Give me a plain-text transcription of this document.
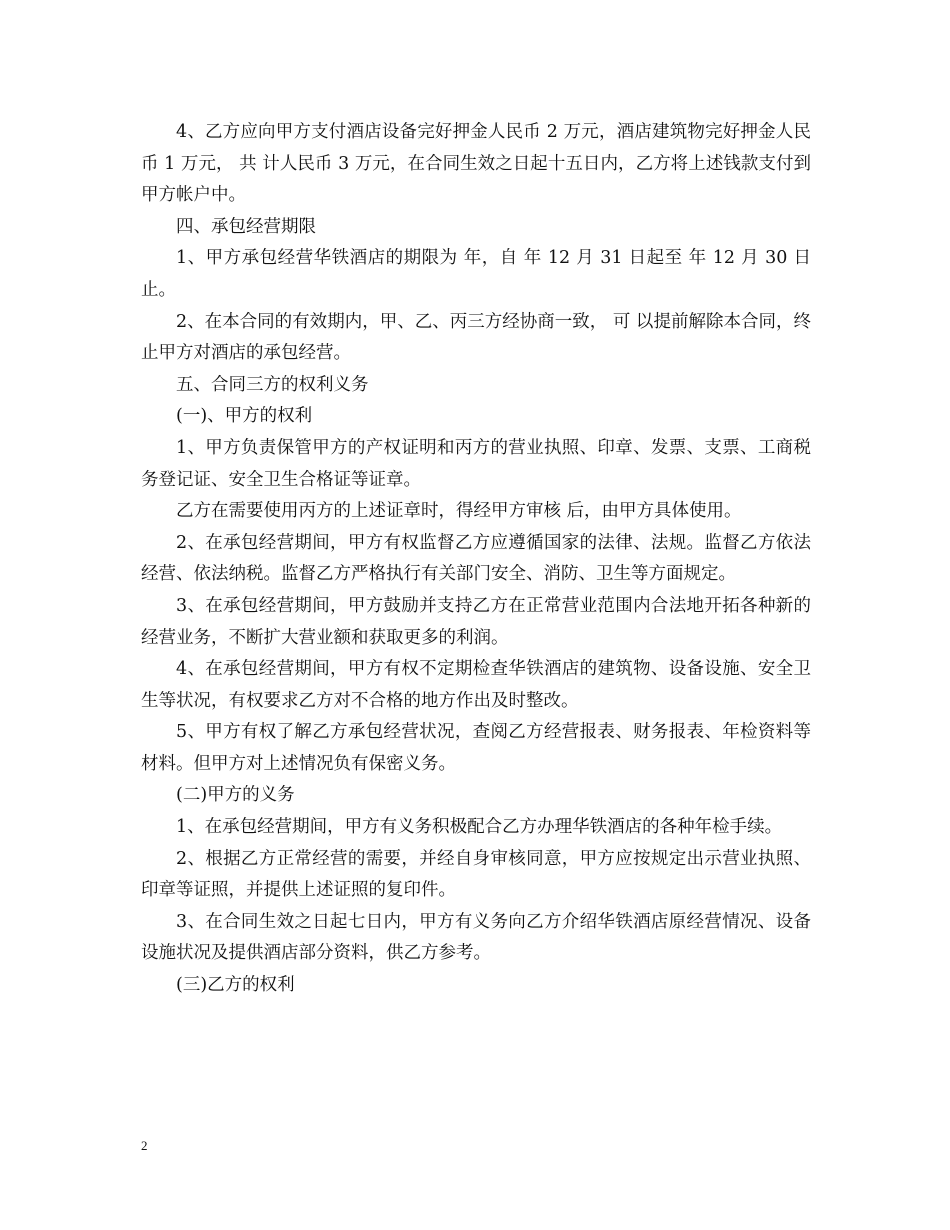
4、乙方应向甲方支付酒店设备完好押金人民币 2 万元，酒店建筑物完好押金人民币 1 万元， 共 计人民币 3 万元，在合同生效之日起十五日内，乙方将上述钱款支付到甲方帐户中。

四、承包经营期限

1、甲方承包经营华铁酒店的期限为 年，自 年 12 月 31 日起至 年 12 月 30 日止。

2、在本合同的有效期内，甲、乙、丙三方经协商一致， 可 以提前解除本合同，终止甲方对酒店的承包经营。

五、合同三方的权利义务

(一)、甲方的权利

1、甲方负责保管甲方的产权证明和丙方的营业执照、印章、发票、支票、工商税务登记证、安全卫生合格证等证章。

乙方在需要使用丙方的上述证章时，得经甲方审核 后，由甲方具体使用。

2、在承包经营期间，甲方有权监督乙方应遵循国家的法律、法规。监督乙方依法经营、依法纳税。监督乙方严格执行有关部门安全、消防、卫生等方面规定。

3、在承包经营期间，甲方鼓励并支持乙方在正常营业范围内合法地开拓各种新的经营业务，不断扩大营业额和获取更多的利润。

4、在承包经营期间，甲方有权不定期检查华铁酒店的建筑物、设备设施、安全卫生等状况，有权要求乙方对不合格的地方作出及时整改。

5、甲方有权了解乙方承包经营状况，查阅乙方经营报表、财务报表、年检资料等材料。但甲方对上述情况负有保密义务。

(二)甲方的义务

1、在承包经营期间，甲方有义务积极配合乙方办理华铁酒店的各种年检手续。

2、根据乙方正常经营的需要，并经自身审核同意，甲方应按规定出示营业执照、印章等证照，并提供上述证照的复印件。

3、在合同生效之日起七日内，甲方有义务向乙方介绍华铁酒店原经营情况、设备设施状况及提供酒店部分资料，供乙方参考。

(三)乙方的权利

2
